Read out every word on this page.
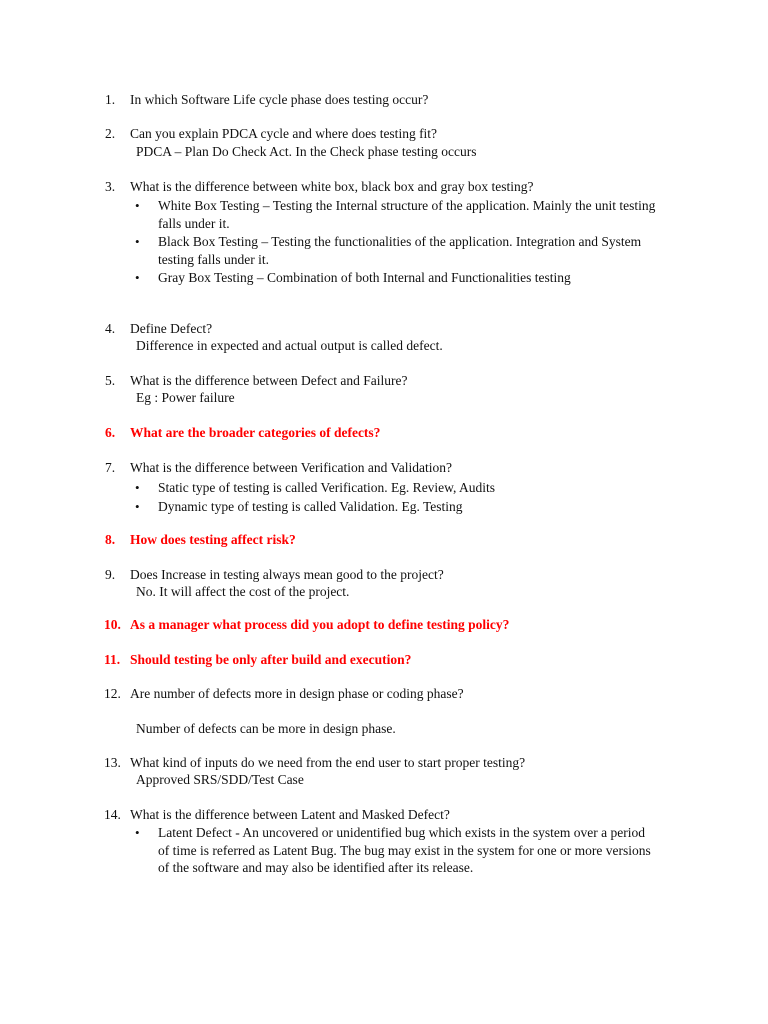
1.	In which Software Life cycle phase does testing occur?
2.	Can you explain PDCA cycle and where does testing fit?
PDCA – Plan Do Check Act. In the Check phase testing occurs
3.	What is the difference between white box, black box and gray box testing?
•	White Box Testing – Testing the Internal structure of the application. Mainly the unit testing falls under it.
•	Black Box Testing – Testing the functionalities of the application. Integration and System testing falls under it.
•	Gray Box Testing – Combination of both Internal and Functionalities testing
4.	Define Defect?
Difference in expected and actual output is called defect.
5.	What is the difference between Defect and Failure?
Eg : Power failure
6.	What are the broader categories of defects?
7.	What is the difference between Verification and Validation?
•	Static type of testing is called Verification. Eg. Review, Audits
•	Dynamic type of testing is called Validation. Eg. Testing
8.	How does testing affect risk?
9.	Does Increase in testing always mean good to the project?
No. It will affect the cost of the project.
10. As a manager what process did you adopt to define testing policy?
11. Should testing be only after build and execution?
12. Are number of defects more in design phase or coding phase?
Number of defects can be more in design phase.
13. What kind of inputs do we need from the end user to start proper testing?
Approved SRS/SDD/Test Case
14. What is the difference between Latent and Masked Defect?
•	Latent Defect - An uncovered or unidentified bug which exists in the system over a period of time is referred as Latent Bug. The bug may exist in the system for one or more versions of the software and may also be identified after its release.
